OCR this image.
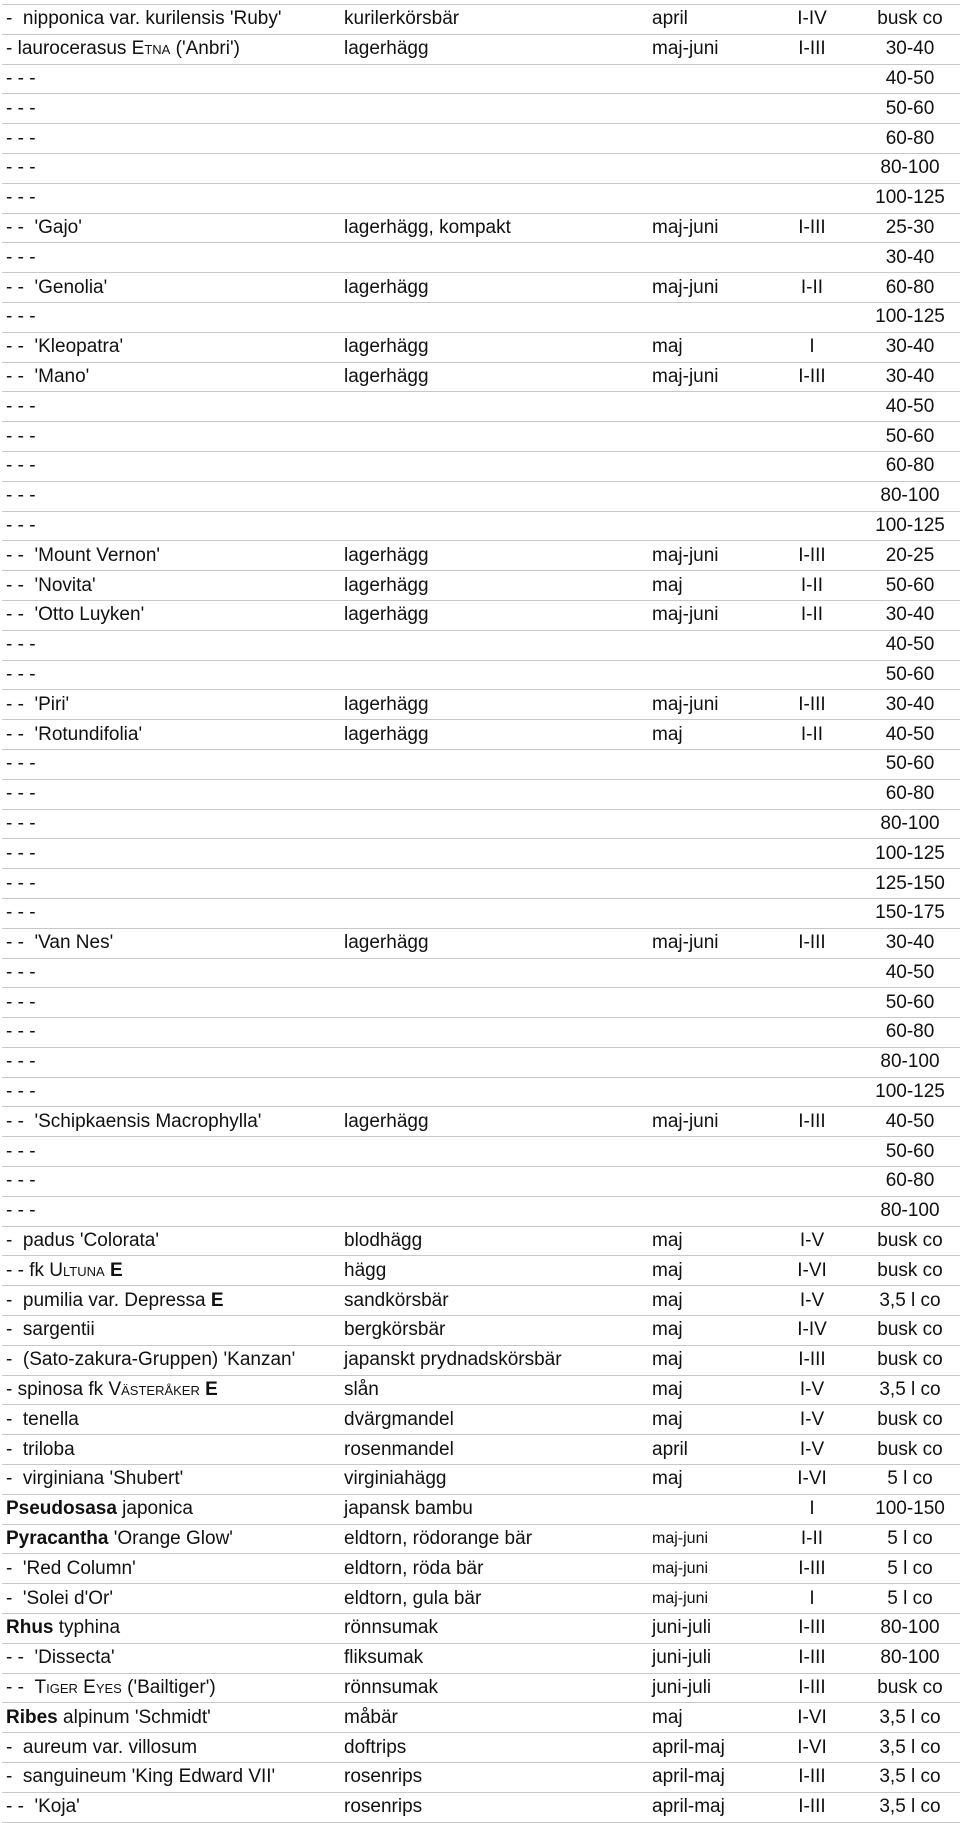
-  nipponica var. kurilensis 'Ruby'	kurilerkörsbär	april	I-IV	busk co
- laurocerasus Etna ('Anbri')	lagerhägg	maj-juni	I-III	30-40
- - -				40-50
- - -				50-60
- - -				60-80
- - -				80-100
- - -				100-125
- -  'Gajo'	lagerhägg, kompakt	maj-juni	I-III	25-30
- - -				30-40
- -  'Genolia'	lagerhägg	maj-juni	I-II	60-80
- - -				100-125
- -  'Kleopatra'	lagerhägg	maj	I	30-40
- -  'Mano'	lagerhägg	maj-juni	I-III	30-40
- - -				40-50
- - -				50-60
- - -				60-80
- - -				80-100
- - -				100-125
- -  'Mount Vernon'	lagerhägg	maj-juni	I-III	20-25
- -  'Novita'	lagerhägg	maj	I-II	50-60
- -  'Otto Luyken'	lagerhägg	maj-juni	I-II	30-40
- - -				40-50
- - -				50-60
- -  'Piri'	lagerhägg	maj-juni	I-III	30-40
- -  'Rotundifolia'	lagerhägg	maj	I-II	40-50
- - -				50-60
- - -				60-80
- - -				80-100
- - -				100-125
- - -				125-150
- - -				150-175
- -  'Van Nes'	lagerhägg	maj-juni	I-III	30-40
- - -				40-50
- - -				50-60
- - -				60-80
- - -				80-100
- - -				100-125
- -  'Schipkaensis Macrophylla'	lagerhägg	maj-juni	I-III	40-50
- - -				50-60
- - -				60-80
- - -				80-100
-  padus 'Colorata'	blodhägg	maj	I-V	busk co
- - fk Ultuna E	hägg	maj	I-VI	busk co
-  pumilia var. Depressa E	sandkörsbär	maj	I-V	3,5 l co
-  sargentii	bergkörsbär	maj	I-IV	busk co
-  (Sato-zakura-Gruppen) 'Kanzan'	japanskt prydnadskörsbär	maj	I-III	busk co
- spinosa fk Västeråker E	slån	maj	I-V	3,5 l co
-  tenella	dvärgmandel	maj	I-V	busk co
-  triloba	rosenmandel	april	I-V	busk co
-  virginiana 'Shubert'	virginiahägg	maj	I-VI	5 l co
Pseudosasa japonica	japansk bambu		I	100-150
Pyracantha 'Orange Glow'	eldtorn, rödorange bär	maj-juni	I-II	5 l co
-  'Red Column'	eldtorn, röda bär	maj-juni	I-III	5 l co
-  'Solei d'Or'	eldtorn, gula bär	maj-juni	I	5 l co
Rhus typhina	rönnsumak	juni-juli	I-III	80-100
- -  'Dissecta'	fliksumak	juni-juli	I-III	80-100
- -  Tiger Eyes ('Bailtiger')	rönnsumak	juni-juli	I-III	busk co
Ribes alpinum 'Schmidt'	måbär	maj	I-VI	3,5 l co
-  aureum var. villosum	doftrips	april-maj	I-VI	3,5 l co
-  sanguineum 'King Edward VII'	rosenrips	april-maj	I-III	3,5 l co
- -  'Koja'	rosenrips	april-maj	I-III	3,5 l co
